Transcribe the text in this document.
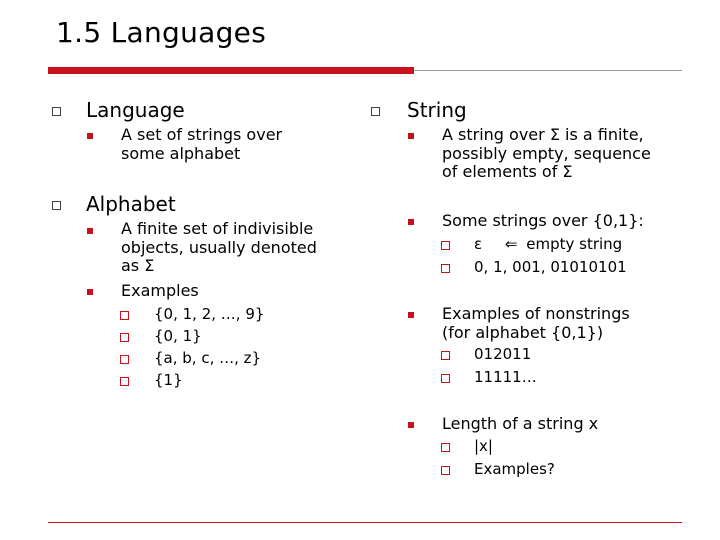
1.5 Languages
Language
A set of strings over
some alphabet
Alphabet
A finite set of indivisible
objects, usually denoted
as Σ
Examples
{0, 1, 2, …, 9}
{0, 1}
{a, b, c, …, z}
{1}
String
A string over Σ is a finite,
possibly empty, sequence
of elements of Σ
Some strings over {0,1}:
ε ⇐ empty string
0, 1, 001, 01010101
Examples of nonstrings
(for alphabet {0,1})
012011
11111…
Length of a string x
|x|
Examples?
